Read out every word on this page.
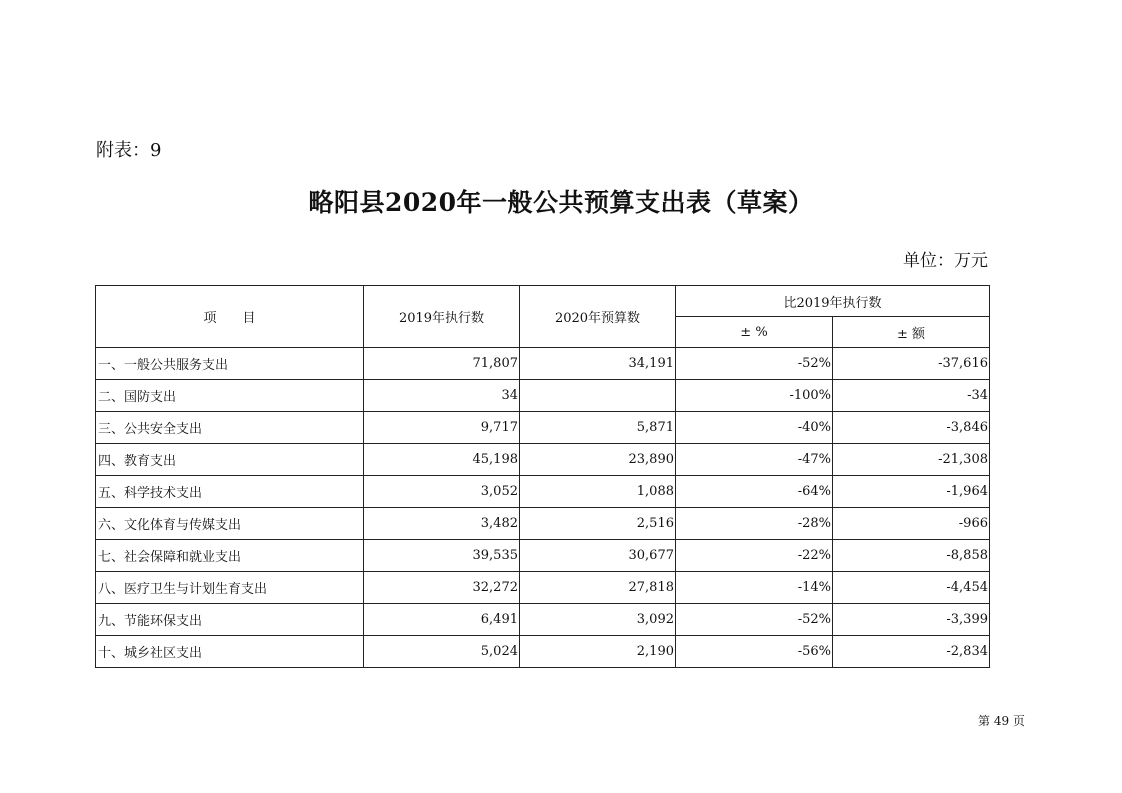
附表：9
略阳县2020年一般公共预算支出表（草案）
单位：万元
项　　目	2019年执行数	2020年预算数	比2019年执行数	
			± %	± 额
一、一般公共服务支出	71,807	34,191	-52%	-37,616
二、国防支出	34		-100%	-34
三、公共安全支出	9,717	5,871	-40%	-3,846
四、教育支出	45,198	23,890	-47%	-21,308
五、科学技术支出	3,052	1,088	-64%	-1,964
六、文化体育与传媒支出	3,482	2,516	-28%	-966
七、社会保障和就业支出	39,535	30,677	-22%	-8,858
八、医疗卫生与计划生育支出	32,272	27,818	-14%	-4,454
九、节能环保支出	6,491	3,092	-52%	-3,399
十、城乡社区支出	5,024	2,190	-56%	-2,834
第 49 页
